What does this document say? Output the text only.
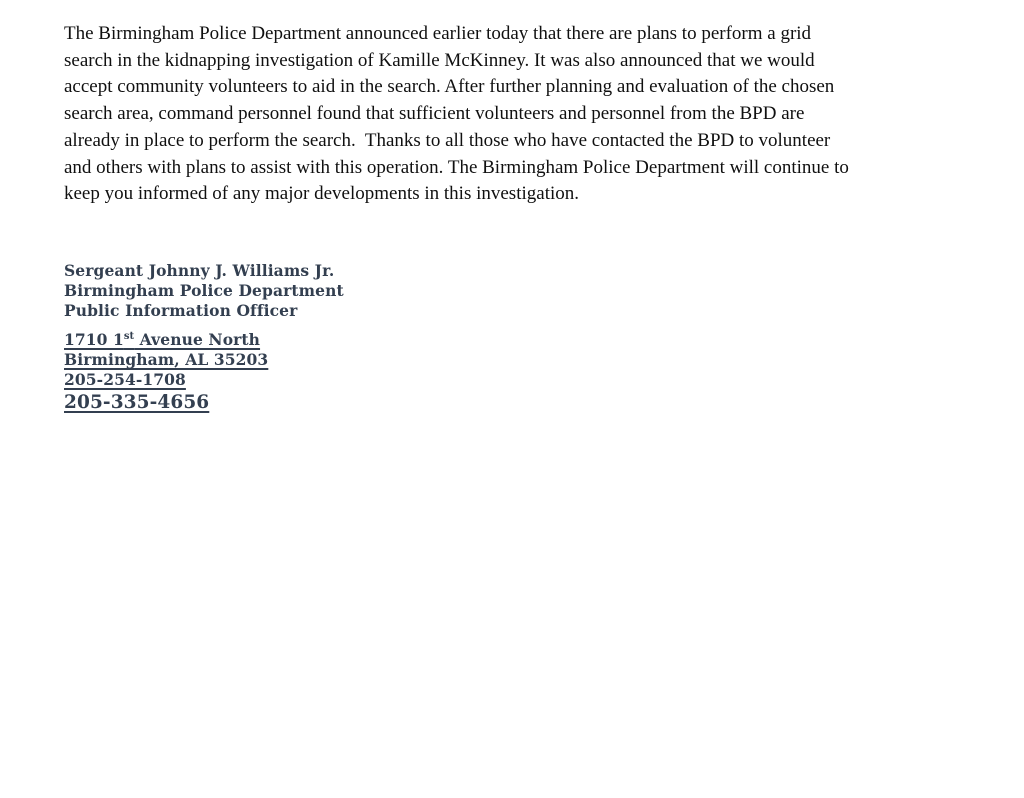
The Birmingham Police Department announced earlier today that there are plans to perform a grid
search in the kidnapping investigation of Kamille McKinney. It was also announced that we would
accept community volunteers to aid in the search. After further planning and evaluation of the chosen
search area, command personnel found that sufficient volunteers and personnel from the BPD are
already in place to perform the search.  Thanks to all those who have contacted the BPD to volunteer
and others with plans to assist with this operation. The Birmingham Police Department will continue to
keep you informed of any major developments in this investigation.
Sergeant Johnny J. Williams Jr.
Birmingham Police Department
Public Information Officer
1710 1st Avenue North
Birmingham, AL 35203
205-254-1708
205-335-4656
